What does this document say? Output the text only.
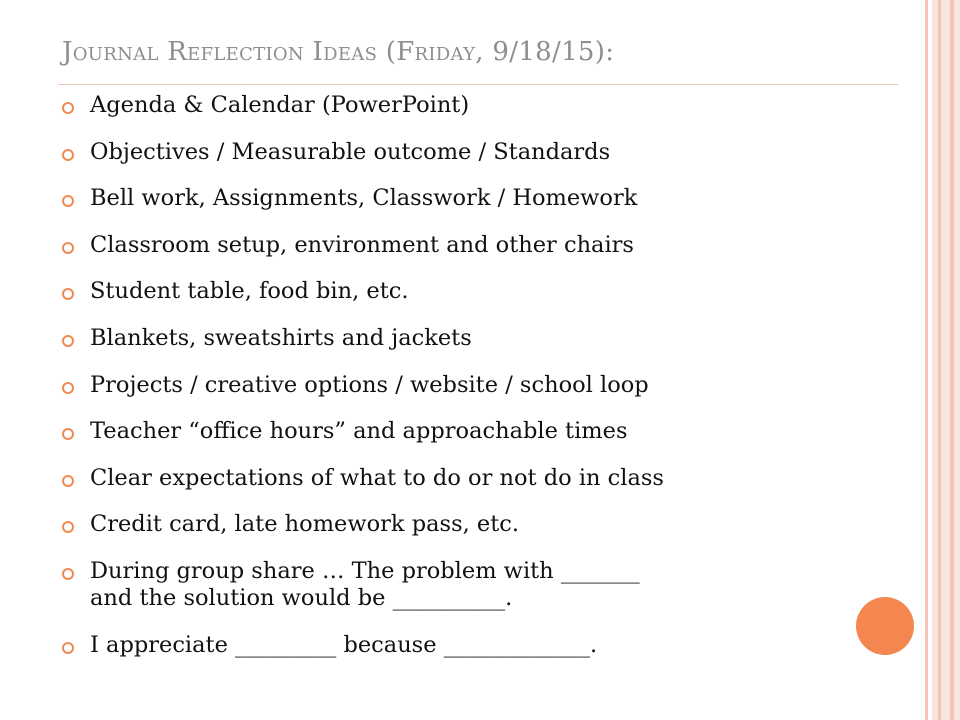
Journal Reflection Ideas (Friday, 9/18/15):
Agenda & Calendar (PowerPoint)
Objectives / Measurable outcome / Standards
Bell work, Assignments, Classwork / Homework
Classroom setup, environment and other chairs
Student table, food bin, etc.
Blankets, sweatshirts and jackets
Projects / creative options / website / school loop
Teacher “office hours” and approachable times
Clear expectations of what to do or not do in class
Credit card, late homework pass, etc.
During group share … The problem with _______
and the solution would be __________.
I appreciate _________ because _____________.
